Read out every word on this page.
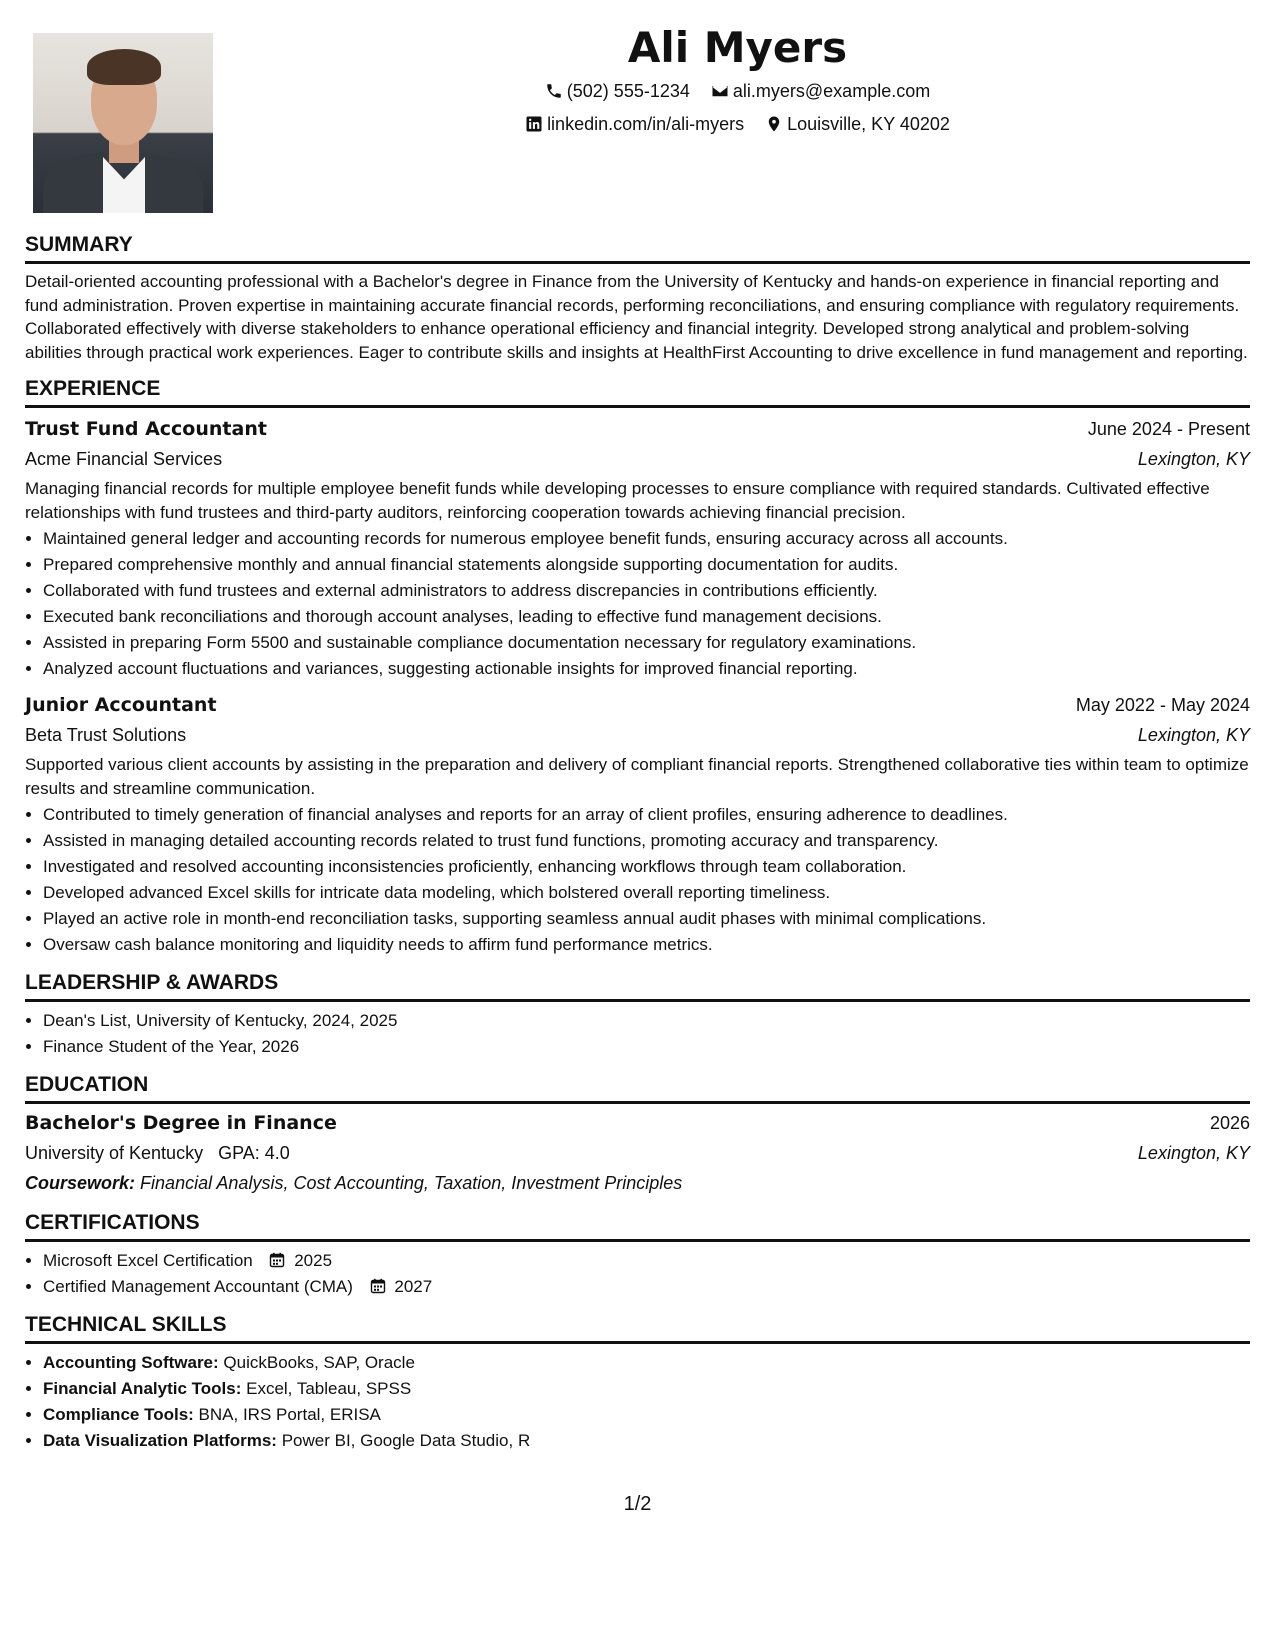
Ali Myers
(502) 555-1234
ali.myers@example.com
linkedin.com/in/ali-myers
Louisville, KY 40202
SUMMARY

Detail-oriented accounting professional with a Bachelor's degree in Finance from the University of Kentucky and hands-on experience in financial reporting and fund administration. Proven expertise in maintaining accurate financial records, performing reconciliations, and ensuring compliance with regulatory requirements. Collaborated effectively with diverse stakeholders to enhance operational efficiency and financial integrity. Developed strong analytical and problem-solving abilities through practical work experiences. Eager to contribute skills and insights at HealthFirst Accounting to drive excellence in fund management and reporting.

EXPERIENCE
Trust Fund Accountant	June 2024 - Present
Acme Financial Services	Lexington, KY

Managing financial records for multiple employee benefit funds while developing processes to ensure compliance with required standards. Cultivated effective relationships with fund trustees and third-party auditors, reinforcing cooperation towards achieving financial precision.

• Maintained general ledger and accounting records for numerous employee benefit funds, ensuring accuracy across all accounts.
• Prepared comprehensive monthly and annual financial statements alongside supporting documentation for audits.
• Collaborated with fund trustees and external administrators to address discrepancies in contributions efficiently.
• Executed bank reconciliations and thorough account analyses, leading to effective fund management decisions.
• Assisted in preparing Form 5500 and sustainable compliance documentation necessary for regulatory examinations.
• Analyzed account fluctuations and variances, suggesting actionable insights for improved financial reporting.
Junior Accountant	May 2022 - May 2024
Beta Trust Solutions	Lexington, KY

Supported various client accounts by assisting in the preparation and delivery of compliant financial reports. Strengthened collaborative ties within team to optimize results and streamline communication.

• Contributed to timely generation of financial analyses and reports for an array of client profiles, ensuring adherence to deadlines.
• Assisted in managing detailed accounting records related to trust fund functions, promoting accuracy and transparency.
• Investigated and resolved accounting inconsistencies proficiently, enhancing workflows through team collaboration.
• Developed advanced Excel skills for intricate data modeling, which bolstered overall reporting timeliness.
• Played an active role in month-end reconciliation tasks, supporting seamless annual audit phases with minimal complications.
• Oversaw cash balance monitoring and liquidity needs to affirm fund performance metrics.
LEADERSHIP & AWARDS
• Dean's List, University of Kentucky, 2024, 2025
• Finance Student of the Year, 2026
EDUCATION
Bachelor's Degree in Finance	2026
University of Kentucky GPA: 4.0	Lexington, KY
Coursework: Financial Analysis, Cost Accounting, Taxation, Investment Principles
CERTIFICATIONS
• Microsoft Excel Certification 2025
• Certified Management Accountant (CMA) 2027
TECHNICAL SKILLS
• Accounting Software: QuickBooks, SAP, Oracle
• Financial Analytic Tools: Excel, Tableau, SPSS
• Compliance Tools: BNA, IRS Portal, ERISA
• Data Visualization Platforms: Power BI, Google Data Studio, R
1/2
